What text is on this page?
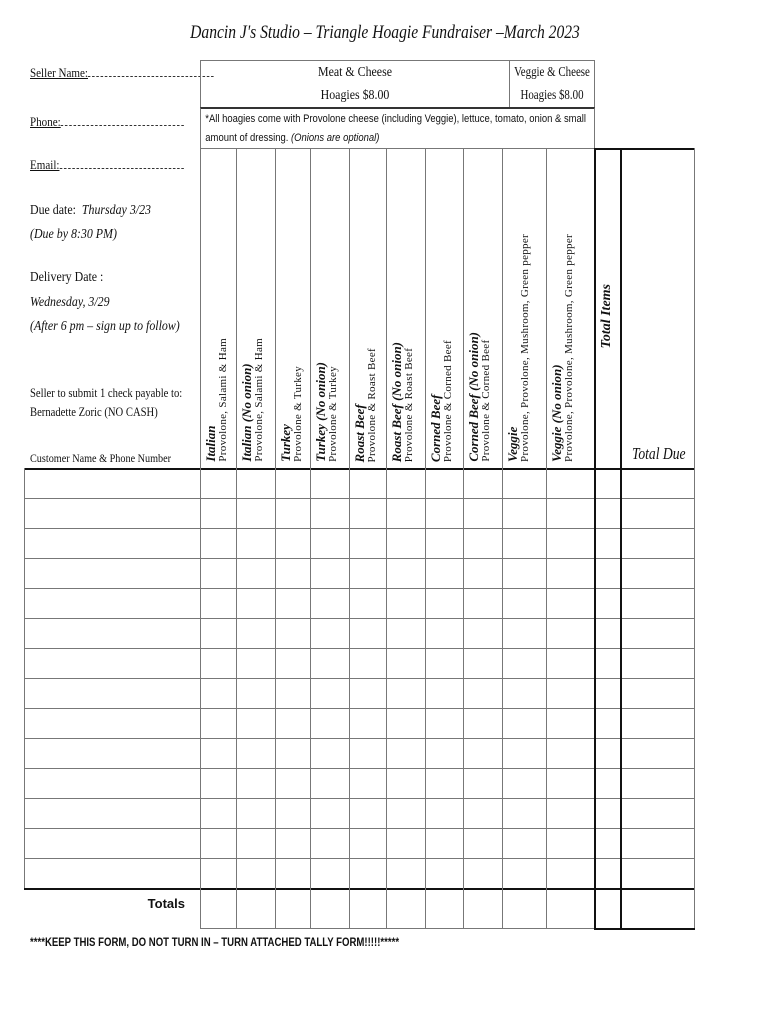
Dancin J's Studio – Triangle Hoagie Fundraiser –March 2023
Seller Name:
Phone:
Email:
Due date: Thursday 3/23
(Due by 8:30 PM)
Delivery Date :
Wednesday, 3/29
(After 6 pm – sign up to follow)
Seller to submit 1 check payable to:
Bernadette Zoric (NO CASH)
Customer Name & Phone Number
Meat & Cheese
Hoagies $8.00
Veggie & Cheese
Hoagies $8.00
*All hoagies come with Provolone cheese (including Veggie), lettuce, tomato, onion & small amount of dressing. (Onions are optional)
Italian Provolone, Salami & Ham Italian (No onion) Provolone, Salami & Ham Turkey Provolone & Turkey Turkey (No onion) Provolone & Turkey Roast Beef Provolone & Roast Beef Roast Beef (No onion) Provolone & Roast Beef Corned Beef Provolone & Corned Beef Corned Beef (No onion) Provolone & Corned Beef Veggie Provolone, Provolone, Mushroom, Green pepper Veggie (No onion) Provolone, Provolone, Mushroom, Green pepper Total Items
Total Due
Totals
****KEEP THIS FORM, DO NOT TURN IN – TURN ATTACHED TALLY FORM!!!!!*****
